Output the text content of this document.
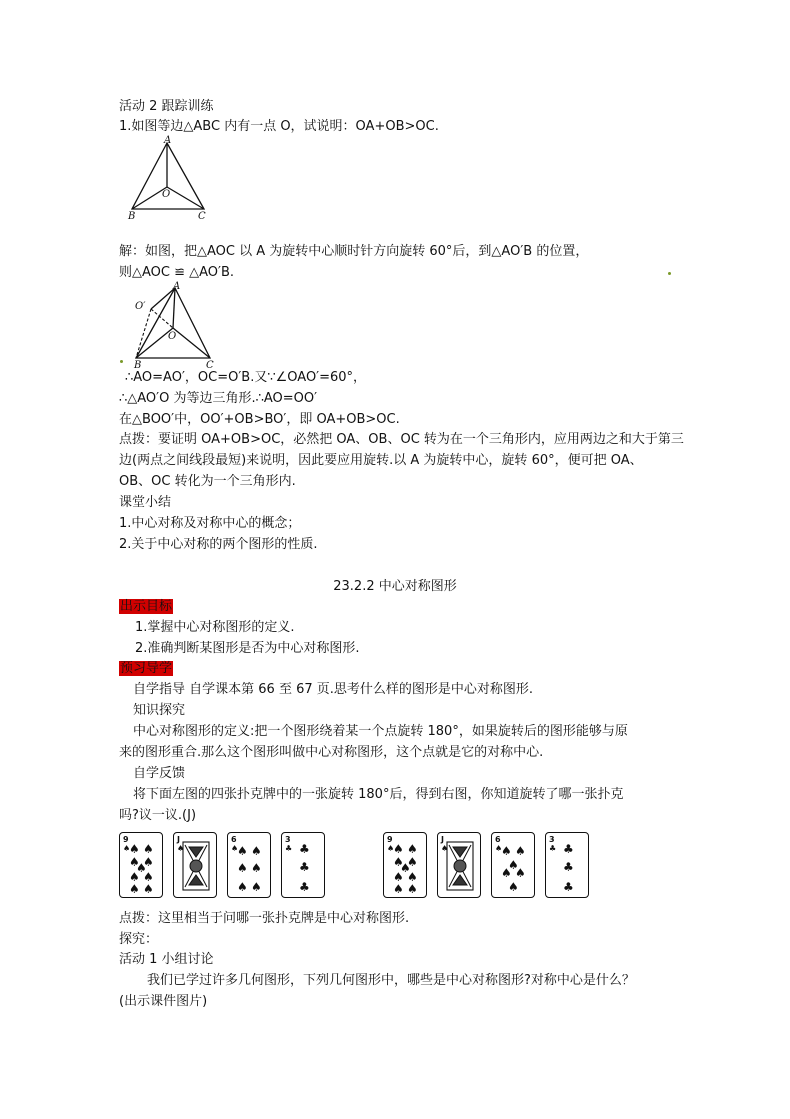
活动 2 跟踪训练
1.如图等边△ABC 内有一点 O，试说明：OA+OB>OC.
A
B	C
O
解：如图，把△AOC 以 A 为旋转中心顺时针方向旋转 60°后，到△AO′B 的位置，
则△AOC ≌ △AO′B.
A
O′
O
B	C
∴AO=AO′，OC=O′B.又∵∠OAO′=60°，
∴△AO′O 为等边三角形.∴AO=OO′
在△BOO′中，OO′+OB>BO′，即 OA+OB>OC.
点拨：要证明 OA+OB>OC，必然把 OA、OB、OC 转为在一个三角形内，应用两边之和大于第三
边(两点之间线段最短)来说明，因此要应用旋转.以 A 为旋转中心，旋转 60°，便可把 OA、
OB、OC 转化为一个三角形内.
课堂小结
1.中心对称及对称中心的概念；
2.关于中心对称的两个图形的性质.
23.2.2 中心对称图形
出示目标
1.掌握中心对称图形的定义.
2.准确判断某图形是否为中心对称图形.
预习导学
自学指导 自学课本第 66 至 67 页.思考什么样的图形是中心对称图形.
知识探究
中心对称图形的定义:把一个图形绕着某一个点旋转 180°，如果旋转后的图形能够与原
来的图形重合.那么这个图形叫做中心对称图形，这个点就是它的对称中心.
自学反馈
将下面左图的四张扑克牌中的一张旋转 180°后，得到右图，你知道旋转了哪一张扑克
吗?议一议.(J)
9
♠
♠ ♠
♠ ♠
♠
♠ ♠
♠ ♠
J
♠
6
♠
♠ ♠
♠ ♠
♠ ♠
3
♣ ♣
♣
♣
9
♠
♠ ♠
♠ ♠
♠
♠ ♠
♠ ♠
J
♠
6
♠
♠ ♠
♠
♠ ♠
♠
3
♣ ♣
♣
♣
点拨：这里相当于问哪一张扑克牌是中心对称图形.
探究：
活动 1 小组讨论
我们已学过许多几何图形，下列几何图形中，哪些是中心对称图形?对称中心是什么？
(出示课件图片)
